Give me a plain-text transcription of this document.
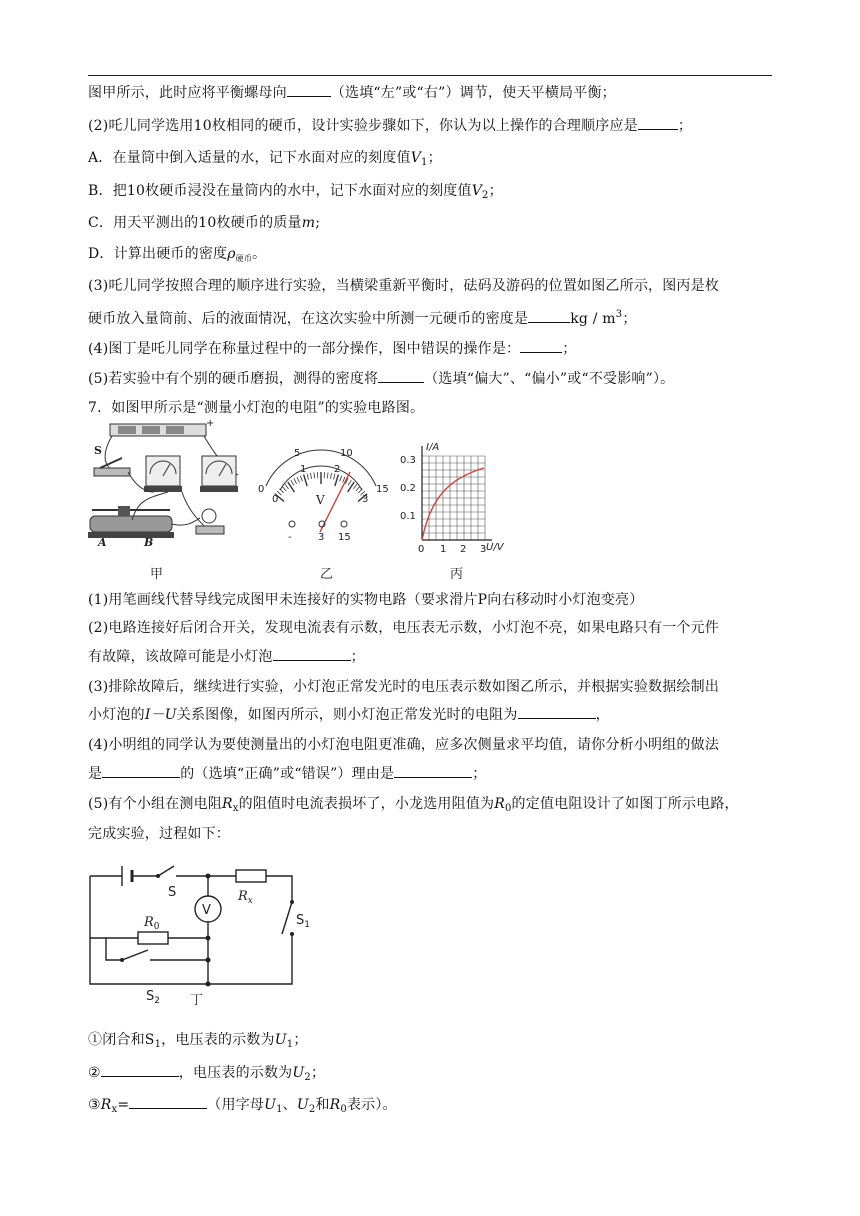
图甲所示，此时应将平衡螺母向	（选填“左”或“右”）调节，使天平横局平衡；
(2)吒儿同学选用10枚相同的硬币，设计实验步骤如下，你认为以上操作的合理顺序应是	；
A．在量筒中倒入适量的水，记下水面对应的刻度值$V_1$；
B．把10枚硬币浸没在量筒内的水中，记下水面对应的刻度值$V_2$；
C．用天平测出的10枚硬币的质量m;
D．计算出硬币的密度$\rho_{硬币}$。
(3)吒儿同学按照合理的顺序进行实验，当横梁重新平衡时，砝码及游码的位置如图乙所示，图丙是枚
硬币放入量筒前、后的液面情况，在这次实验中所测一元硬币的密度是	kg / $m^3$；
(4)图丁是吒儿同学在称量过程中的一部分操作，图中错误的操作是：	；
(5)若实验中有个别的硬币磨损，测得的密度将	（选填“偏大”、“偏小”或“不受影响”）。
7．如图甲所示是“测量小灯泡的电阻”的实验电路图。
+
S
A	B
甲
0
5	10
15
0
1	2
3
V
-	3 15
乙
I/A
U/V
0.3
0.2
0.1
0 1 2 3
丙
(1)用笔画线代替导线完成图甲未连接好的实物电路（要求滑片P向右移动时小灯泡变亮）
(2)电路连接好后闭合开关，发现电流表有示数，电压表无示数，小灯泡不亮，如果电路只有一个元件
有故障，该故障可能是小灯泡	；
(3)排除故障后，继续进行实验，小灯泡正常发光时的电压表示数如图乙所示，并根据实验数据绘制出
小灯泡的I－U关系图像，如图丙所示，则小灯泡正常发光时的电阻为	，
(4)小明组的同学认为要使测量出的小灯泡电阻更准确，应多次侧量求平均值，请你分析小明组的做法
是	的（选填“正确”或“错误”）理由是	；
(5)有个小组在测电阻$R_x$的阻值时电流表损坏了，小龙选用阻值为$R_0$的定值电阻设计了如图丁所示电路，
完成实验，过程如下：
S	$R_x$
V
$S_1$
$R_0$
$S_2$ 丁
①闭合和$S_1$，电压表的示数为$U_1$；
②	，电压表的示数为$U_2$；
$③R_x=$	（用字母$U_1$、$U_2$和$R_0$表示）。
